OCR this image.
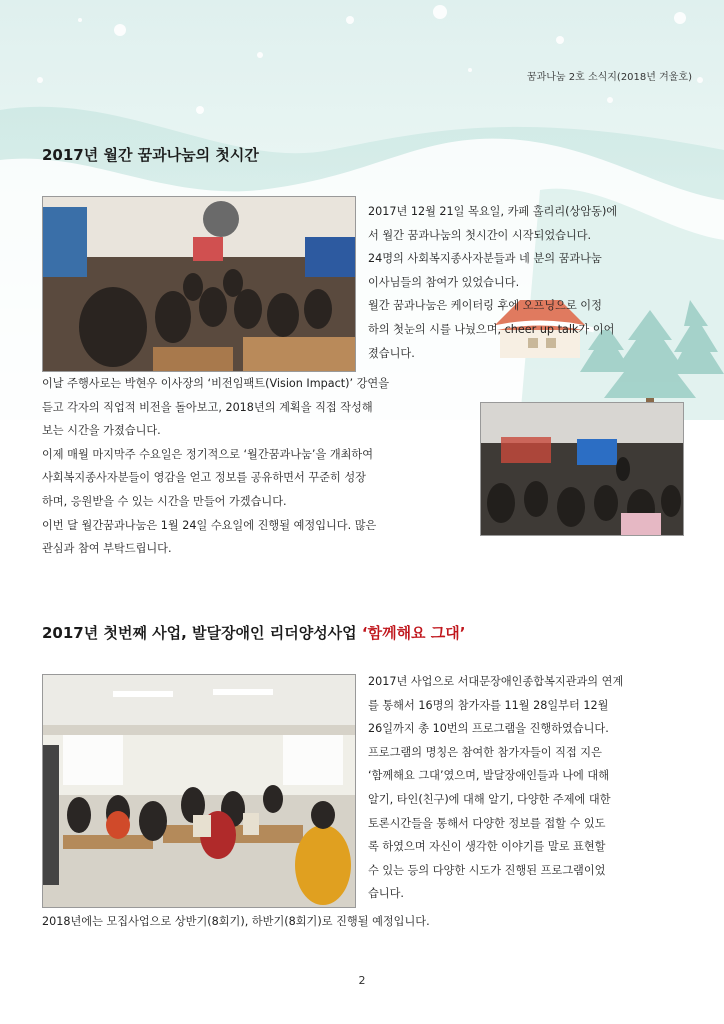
꿈과나눔 2호 소식지(2018년 겨울호)
2017년 월간 꿈과나눔의 첫시간

2017년 12월 21일 목요일, 카페 홀리리(상암동)에

서 월간 꿈과나눔의 첫시간이 시작되었습니다.

24명의 사회복지종사자분들과 네 분의 꿈과나눔

이사님들의 참여가 있었습니다.

월간 꿈과나눔은 케이터링 후에 오프닝으로 이정

하의 첫눈의 시를 나눴으며, cheer up talk가 이어

졌습니다.

이날 주행사로는 박현우 이사장의 ‘비전임팩트(Vision Impact)’ 강연을

듣고 각자의 직업적 비전을 돌아보고, 2018년의 계획을 직접 작성해

보는 시간을 가졌습니다.

이제 매월 마지막주 수요일은 정기적으로 ‘월간꿈과나눔’을 개최하여

사회복지종사자분들이 영감을 얻고 정보를 공유하면서 꾸준히 성장

하며, 응원받을 수 있는 시간을 만들어 가겠습니다.

이번 달 월간꿈과나눔은 1월 24일 수요일에 진행될 예정입니다. 많은

관심과 참여 부탁드립니다.

2017년 첫번째 사업, 발달장애인 리더양성사업 ‘함께해요 그대’

2017년 사업으로 서대문장애인종합복지관과의 연계

를 통해서 16명의 참가자를 11월 28일부터 12월

26일까지 총 10번의 프로그램을 진행하였습니다.

프로그램의 명칭은 참여한 참가자들이 직접 지은

‘함께해요 그대’였으며, 발달장애인들과 나에 대해

알기, 타인(친구)에 대해 알기, 다양한 주제에 대한

토론시간들을 통해서 다양한 정보를 접할 수 있도

록 하였으며 자신이 생각한 이야기를 말로 표현할

수 있는 등의 다양한 시도가 진행된 프로그램이었

습니다.

2018년에는 모집사업으로 상반기(8회기), 하반기(8회기)로 진행될 예정입니다.

2
